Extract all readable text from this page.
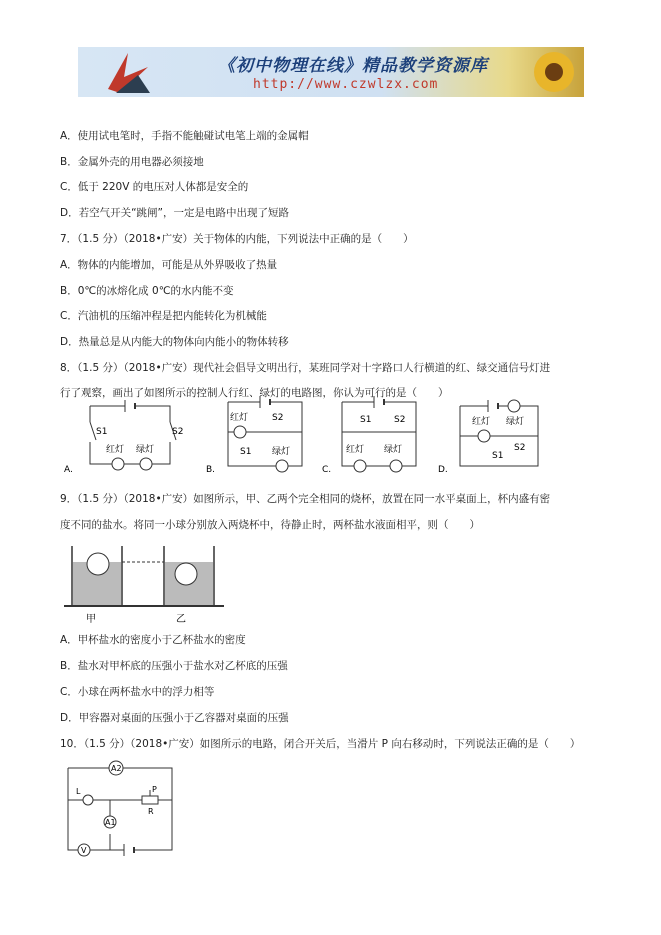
《初中物理在线》精品教学资源库
http://www.czwlzx.com
A．使用试电笔时，手指不能触碰试电笔上端的金属帽
B．金属外壳的用电器必须接地
C．低于 220V 的电压对人体都是安全的
D．若空气开关“跳闸”，一定是电路中出现了短路
7．（1.5 分）（2018•广安）关于物体的内能，下列说法中正确的是（　　）
A．物体的内能增加，可能是从外界吸收了热量
B．0℃的冰熔化成 0℃的水内能不变
C．汽油机的压缩冲程是把内能转化为机械能
D．热量总是从内能大的物体向内能小的物体转移
8．（1.5 分）（2018•广安）现代社会倡导文明出行，某班同学对十字路口人行横道的红、绿交通信号灯进
行了观察，画出了如图所示的控制人行红、绿灯的电路图，你认为可行的是（　　）
A.
S1	S2
红灯 绿灯
B.
红灯	S2
S1 绿灯
C.
S1	S2
红灯 绿灯
D.
红灯 绿灯
S1
S2
9．（1.5 分）（2018•广安）如图所示，甲、乙两个完全相同的烧杯，放置在同一水平桌面上，杯内盛有密
度不同的盐水。将同一小球分别放入两烧杯中，待静止时，两杯盐水液面相平，则（　　）
甲	乙
A．甲杯盐水的密度小于乙杯盐水的密度
B．盐水对甲杯底的压强小于盐水对乙杯底的压强
C．小球在两杯盐水中的浮力相等
D．甲容器对桌面的压强小于乙容器对桌面的压强
10．（1.5 分）（2018•广安）如图所示的电路，闭合开关后，当滑片 P 向右移动时，下列说法正确的是（　　）
A2
A1
V
L	P
R
